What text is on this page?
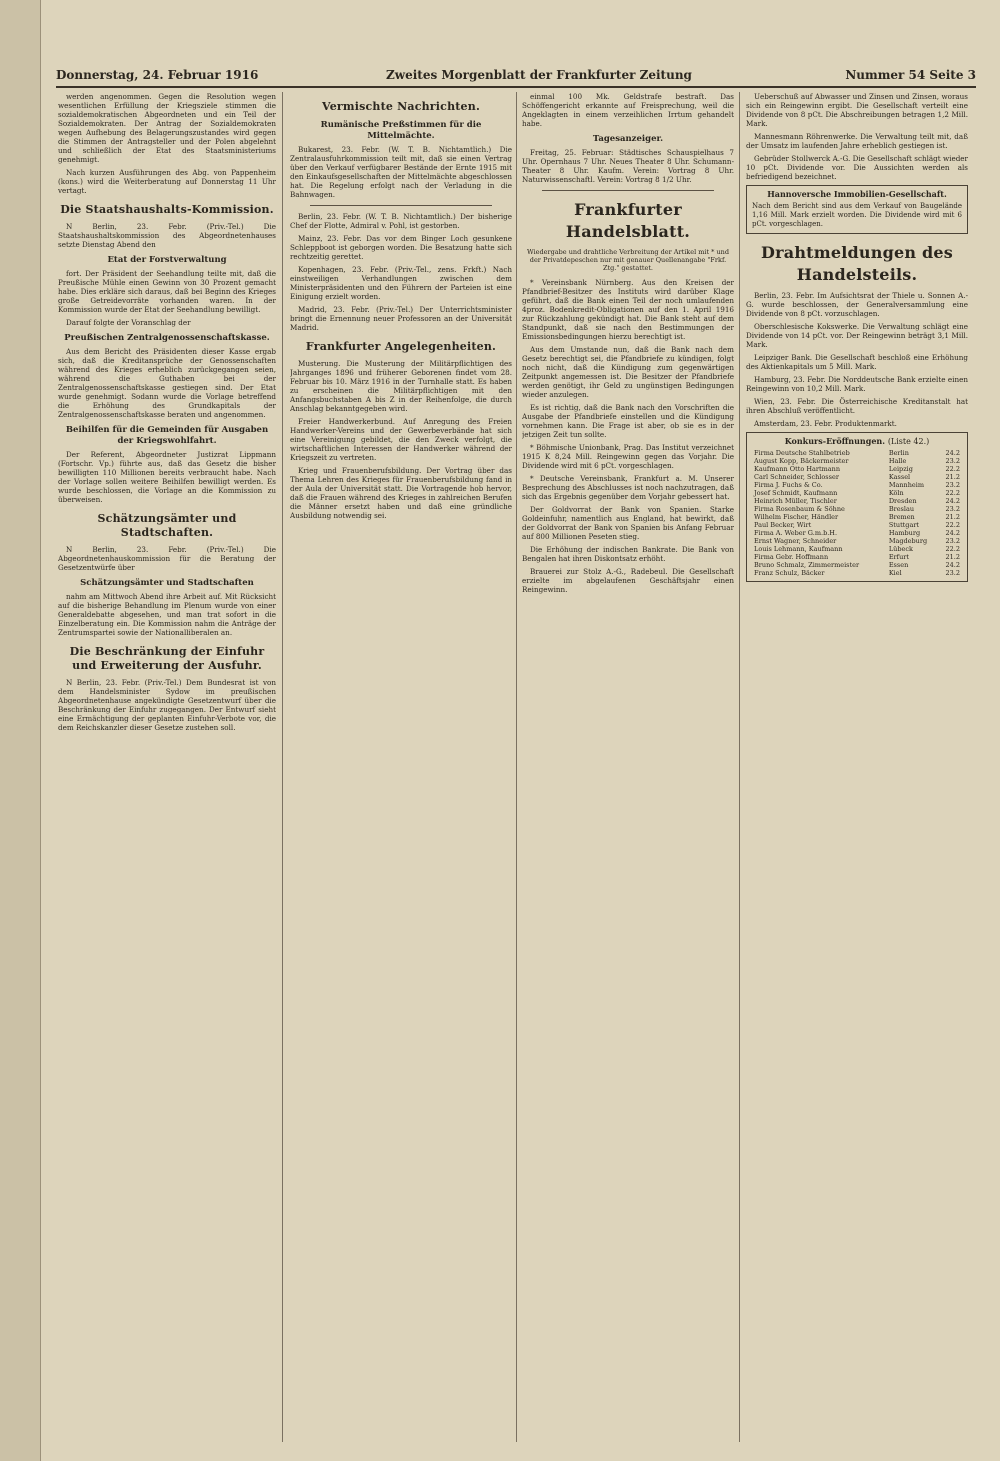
Donnerstag, 24. Februar 1916	Zweites Morgenblatt der Frankfurter Zeitung	Nummer 54 Seite 3

werden angenommen. Gegen die Resolution wegen wesentlichen Erfüllung der Kriegsziele stimmen die sozialdemokratischen Abgeordneten und ein Teil der Sozialdemokraten. Der Antrag der Sozialdemokraten wegen Aufhebung des Belagerungszustandes wird gegen die Stimmen der Antragsteller und der Polen abgelehnt und schließlich der Etat des Staatsministeriums genehmigt.

Nach kurzen Ausführungen des Abg. von Pappenheim (kons.) wird die Weiterberatung auf Donnerstag 11 Uhr vertagt.

Die Staatshaushalts-Kommission.

N Berlin, 23. Febr. (Priv.-Tel.) Die Staatshaushaltskommission des Abgeordnetenhauses setzte Dienstag Abend den

Etat der Forstverwaltung

fort. Der Präsident der Seehandlung teilte mit, daß die Preußische Mühle einen Gewinn von 30 Prozent gemacht habe. Dies erkläre sich daraus, daß bei Beginn des Krieges große Getreidevorräte vorhanden waren. In der Kommission wurde der Etat der Seehandlung bewilligt.

Darauf folgte der Voranschlag der

Preußischen Zentralgenossenschaftskasse.

Aus dem Bericht des Präsidenten dieser Kasse ergab sich, daß die Kreditansprüche der Genossenschaften während des Krieges erheblich zurückgegangen seien, während die Guthaben bei der Zentralgenossenschaftskasse gestiegen sind. Der Etat wurde genehmigt. Sodann wurde die Vorlage betreffend die Erhöhung des Grundkapitals der Zentralgenossenschaftskasse beraten und angenommen.

Beihilfen für die Gemeinden für Ausgaben der Kriegswohlfahrt.

Der Referent, Abgeordneter Justizrat Lippmann (Fortschr. Vp.) führte aus, daß das Gesetz die bisher bewilligten 110 Millionen bereits verbraucht habe. Nach der Vorlage sollen weitere Beihilfen bewilligt werden. Es wurde beschlossen, die Vorlage an die Kommission zu überweisen.

Schätzungsämter und Stadtschaften.

N Berlin, 23. Febr. (Priv.-Tel.) Die Abgeordnetenhauskommission für die Beratung der Gesetzentwürfe über

Schätzungsämter und Stadtschaften

nahm am Mittwoch Abend ihre Arbeit auf. Mit Rücksicht auf die bisherige Behandlung im Plenum wurde von einer Generaldebatte abgesehen, und man trat sofort in die Einzelberatung ein. Die Kommission nahm die Anträge der Zentrumspartei sowie der Nationalliberalen an.

Die Beschränkung der Einfuhr und Erweiterung der Ausfuhr.

N Berlin, 23. Febr. (Priv.-Tel.) Dem Bundesrat ist von dem Handelsminister Sydow im preußischen Abgeordnetenhause angekündigte Gesetzentwurf über die Beschränkung der Einfuhr zugegangen. Der Entwurf sieht eine Ermächtigung der geplanten Einfuhr-Verbote vor, die dem Reichskanzler dieser Gesetze zustehen soll.

Vermischte Nachrichten.
Rumänische Preßstimmen für die Mittelmächte.

Bukarest, 23. Febr. (W. T. B. Nichtamtlich.) Die Zentralausfuhrkommission teilt mit, daß sie einen Vertrag über den Verkauf verfügbarer Bestände der Ernte 1915 mit den Einkaufsgesellschaften der Mittelmächte abgeschlossen hat. Die Regelung erfolgt nach der Verladung in die Bahnwagen.

Berlin, 23. Febr. (W. T. B. Nichtamtlich.) Der bisherige Chef der Flotte, Admiral v. Pohl, ist gestorben.

Mainz, 23. Febr. Das vor dem Binger Loch gesunkene Schleppboot ist geborgen worden. Die Besatzung hatte sich rechtzeitig gerettet.

Kopenhagen, 23. Febr. (Priv.-Tel., zens. Frkft.) Nach einstweiligen Verhandlungen zwischen dem Ministerpräsidenten und den Führern der Parteien ist eine Einigung erzielt worden.

Madrid, 23. Febr. (Priv.-Tel.) Der Unterrichtsminister bringt die Ernennung neuer Professoren an der Universität Madrid.

Frankfurter Angelegenheiten.

Musterung. Die Musterung der Militärpflichtigen des Jahrganges 1896 und früherer Geborenen findet vom 28. Februar bis 10. März 1916 in der Turnhalle statt. Es haben zu erscheinen die Militärpflichtigen mit den Anfangsbuchstaben A bis Z in der Reihenfolge, die durch Anschlag bekanntgegeben wird.

Freier Handwerkerbund. Auf Anregung des Freien Handwerker-Vereins und der Gewerbeverbände hat sich eine Vereinigung gebildet, die den Zweck verfolgt, die wirtschaftlichen Interessen der Handwerker während der Kriegszeit zu vertreten.

Krieg und Frauenberufsbildung. Der Vortrag über das Thema Lehren des Krieges für Frauenberufsbildung fand in der Aula der Universität statt. Die Vortragende hob hervor, daß die Frauen während des Krieges in zahlreichen Berufen die Männer ersetzt haben und daß eine gründliche Ausbildung notwendig sei.

einmal 100 Mk. Geldstrafe bestraft. Das Schöffengericht erkannte auf Freisprechung, weil die Angeklagten in einem verzeihlichen Irrtum gehandelt habe.

Tagesanzeiger.

Freitag, 25. Februar: Städtisches Schauspielhaus 7 Uhr. Opernhaus 7 Uhr. Neues Theater 8 Uhr. Schumann-Theater 8 Uhr. Kaufm. Verein: Vortrag 8 Uhr. Naturwissenschaftl. Verein: Vortrag 8 1/2 Uhr.

Frankfurter Handelsblatt.
Wiedergabe und drahtliche Verbreitung der Artikel mit * und der Privatdepeschen nur mit genauer Quellenangabe "Frkf. Ztg." gestattet.

* Vereinsbank Nürnberg. Aus den Kreisen der Pfandbrief-Besitzer des Instituts wird darüber Klage geführt, daß die Bank einen Teil der noch umlaufenden 4proz. Bodenkredit-Obligationen auf den 1. April 1916 zur Rückzahlung gekündigt hat. Die Bank steht auf dem Standpunkt, daß sie nach den Bestimmungen der Emissionsbedingungen hierzu berechtigt ist.

Aus dem Umstande nun, daß die Bank nach dem Gesetz berechtigt sei, die Pfandbriefe zu kündigen, folgt noch nicht, daß die Kündigung zum gegenwärtigen Zeitpunkt angemessen ist. Die Besitzer der Pfandbriefe werden genötigt, ihr Geld zu ungünstigen Bedingungen wieder anzulegen.

Es ist richtig, daß die Bank nach den Vorschriften die Ausgabe der Pfandbriefe einstellen und die Kündigung vornehmen kann. Die Frage ist aber, ob sie es in der jetzigen Zeit tun sollte.

* Böhmische Unionbank, Prag. Das Institut verzeichnet 1915 K 8,24 Mill. Reingewinn gegen das Vorjahr. Die Dividende wird mit 6 pCt. vorgeschlagen.

* Deutsche Vereinsbank, Frankfurt a. M. Unserer Besprechung des Abschlusses ist noch nachzutragen, daß sich das Ergebnis gegenüber dem Vorjahr gebessert hat.

Der Goldvorrat der Bank von Spanien. Starke Goldeinfuhr, namentlich aus England, hat bewirkt, daß der Goldvorrat der Bank von Spanien bis Anfang Februar auf 800 Millionen Peseten stieg.

Die Erhöhung der indischen Bankrate. Die Bank von Bengalen hat ihren Diskontsatz erhöht.

Brauerei zur Stolz A.-G., Radebeul. Die Gesellschaft erzielte im abgelaufenen Geschäftsjahr einen Reingewinn.

Ueberschuß auf Abwasser und Zinsen und Zinsen, woraus sich ein Reingewinn ergibt. Die Gesellschaft verteilt eine Dividende von 8 pCt. Die Abschreibungen betragen 1,2 Mill. Mark.

Mannesmann Röhrenwerke. Die Verwaltung teilt mit, daß der Umsatz im laufenden Jahre erheblich gestiegen ist.

Gebrüder Stollwerck A.-G. Die Gesellschaft schlägt wieder 10 pCt. Dividende vor. Die Aussichten werden als befriedigend bezeichnet.

Hannoversche Immobilien-Gesellschaft.
Nach dem Bericht sind aus dem Verkauf von Baugelände 1,16 Mill. Mark erzielt worden. Die Dividende wird mit 6 pCt. vorgeschlagen.
Drahtmeldungen des Handelsteils.

Berlin, 23. Febr. Im Aufsichtsrat der Thiele u. Sonnen A.-G. wurde beschlossen, der Generalversammlung eine Dividende von 8 pCt. vorzuschlagen.

Oberschlesische Kokswerke. Die Verwaltung schlägt eine Dividende von 14 pCt. vor. Der Reingewinn beträgt 3,1 Mill. Mark.

Leipziger Bank. Die Gesellschaft beschloß eine Erhöhung des Aktienkapitals um 5 Mill. Mark.

Hamburg, 23. Febr. Die Norddeutsche Bank erzielte einen Reingewinn von 10,2 Mill. Mark.

Wien, 23. Febr. Die Österreichische Kreditanstalt hat ihren Abschluß veröffentlicht.

Amsterdam, 23. Febr. Produktenmarkt.

Konkurs-Eröffnungen. (Liste 42.)
Firma Deutsche Stahlbetrieb	Berlin	24.2
August Kopp, Bäckermeister	Halle	23.2
Kaufmann Otto Hartmann	Leipzig	22.2
Carl Schneider, Schlosser	Kassel	21.2
Firma J. Fuchs & Co.	Mannheim	23.2
Josef Schmidt, Kaufmann	Köln	22.2
Heinrich Müller, Tischler	Dresden	24.2
Firma Rosenbaum & Söhne	Breslau	23.2
Wilhelm Fischer, Händler	Bremen	21.2
Paul Becker, Wirt	Stuttgart	22.2
Firma A. Weber G.m.b.H.	Hamburg	24.2
Ernst Wagner, Schneider	Magdeburg	23.2
Louis Lehmann, Kaufmann	Lübeck	22.2
Firma Gebr. Hoffmann	Erfurt	21.2
Bruno Schmalz, Zimmermeister	Essen	24.2
Franz Schulz, Bäcker	Kiel	23.2
